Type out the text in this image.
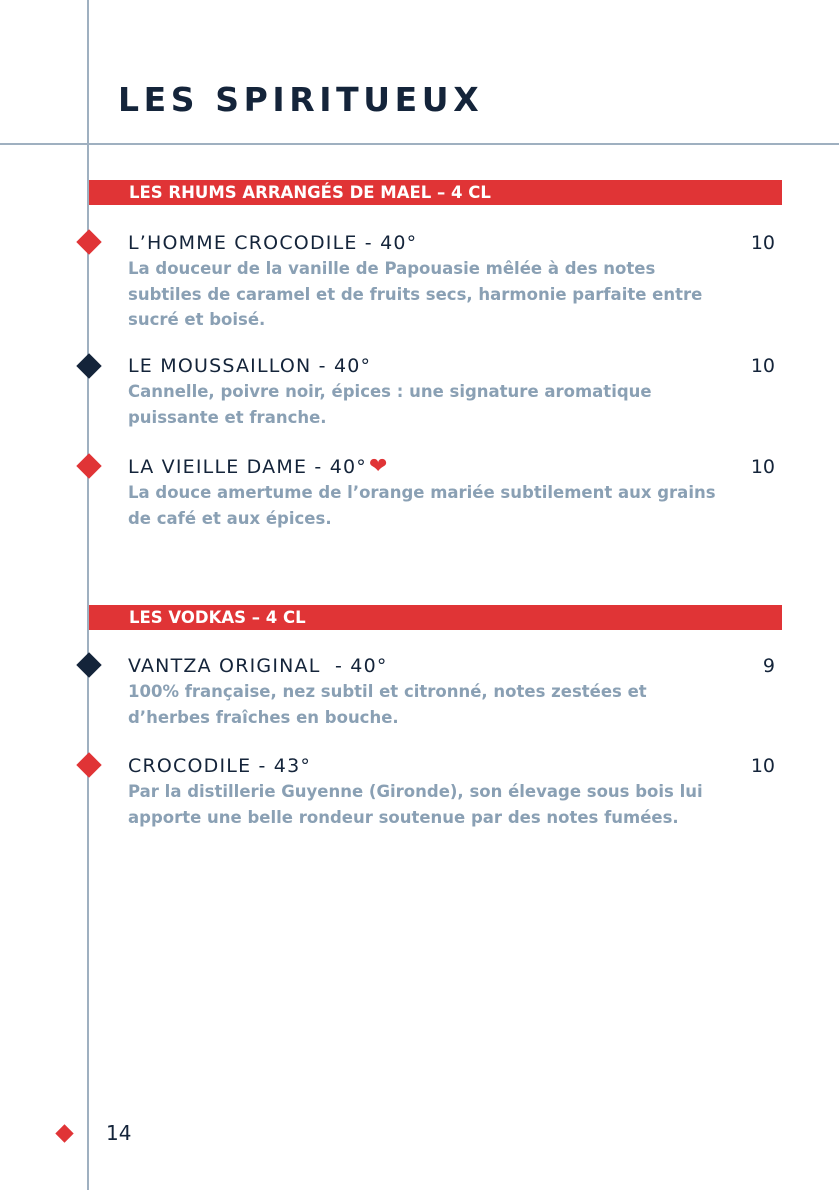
LES SPIRITUEUX
LES RHUMS ARRANGÉS DE MAEL – 4 CL
L’HOMME CROCODILE - 40°
La douceur de la vanille de Papouasie mêlée à des notes subtiles de caramel et de fruits secs, harmonie parfaite entre sucré et boisé.
10
LE MOUSSAILLON - 40°
Cannelle, poivre noir, épices : une signature aromatique puissante et franche.
10
LA VIEILLE DAME - 40° ❤
La douce amertume de l’orange mariée subtilement aux grains de café et aux épices.
10
LES VODKAS – 4 CL
VANTZA ORIGINAL  - 40°
100% française, nez subtil et citronné, notes zestées et d’herbes fraîches en bouche.
9
CROCODILE - 43°
Par la distillerie Guyenne (Gironde), son élevage sous bois lui apporte une belle rondeur soutenue par des notes fumées.
10
14
